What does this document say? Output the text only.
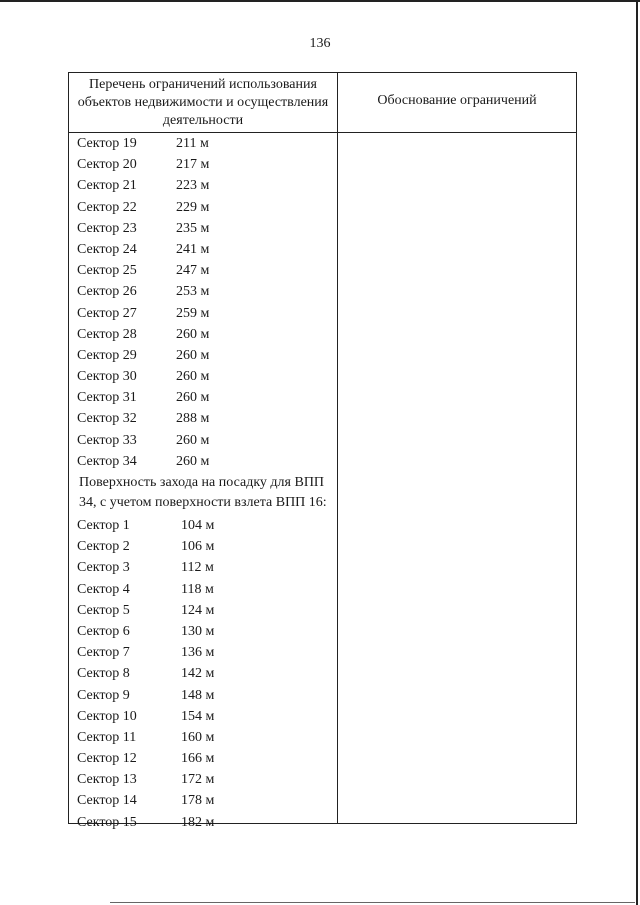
136
Перечень ограничений использования объектов недвижимости и осуществления деятельности
Обоснование ограничений
Сектор 19	211 м
Сектор 20	217 м
Сектор 21	223 м
Сектор 22	229 м
Сектор 23	235 м
Сектор 24	241 м
Сектор 25	247 м
Сектор 26	253 м
Сектор 27	259 м
Сектор 28	260 м
Сектор 29	260 м
Сектор 30	260 м
Сектор 31	260 м
Сектор 32	288 м
Сектор 33	260 м
Сектор 34	260 м
Поверхность захода на посадку для ВПП 34, с учетом поверхности взлета ВПП 16:
Сектор 1	104 м
Сектор 2	106 м
Сектор 3	112 м
Сектор 4	118 м
Сектор 5	124 м
Сектор 6	130 м
Сектор 7	136 м
Сектор 8	142 м
Сектор 9	148 м
Сектор 10	154 м
Сектор 11	160 м
Сектор 12	166 м
Сектор 13	172 м
Сектор 14	178 м
Сектор 15	182 м
